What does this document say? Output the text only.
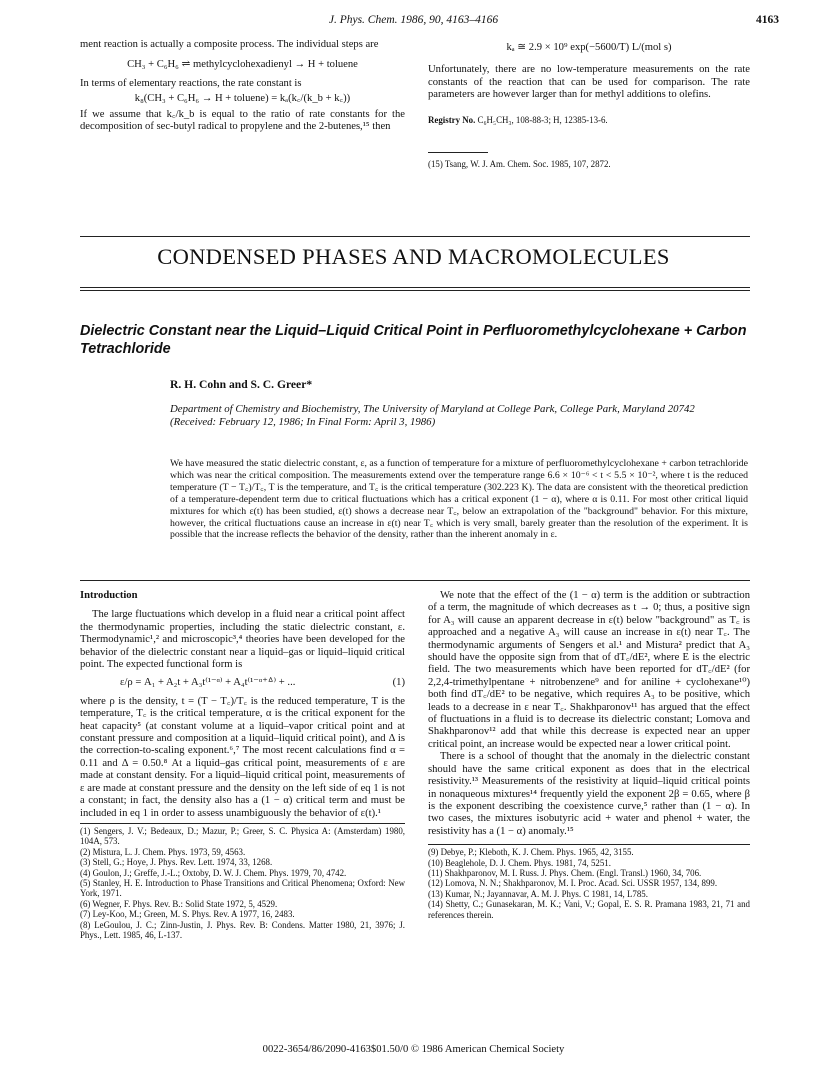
J. Phys. Chem. 1986, 90, 4163–4166	4163

ment reaction is actually a composite process. The individual steps are

CH₃ + C₆H₆ ⇌ methylcyclohexadienyl → H + toluene

In terms of elementary reactions, the rate constant is

k₈(CH₃ + C₆H₆ → H + toluene) = kₐ(k꜀/(k_b + k꜀))

If we assume that k꜀/k_b is equal to the ratio of rate constants for the decomposition of sec-butyl radical to propylene and the 2-butenes,¹⁵ then

kₐ ≅ 2.9 × 10⁹ exp(−5600/T) L/(mol s)

Unfortunately, there are no low-temperature measurements on the rate constants of the reaction that can be used for comparison. The rate parameters are however larger than for methyl additions to olefins.

Registry No. C₆H₅CH₃, 108-88-3; H, 12385-13-6.

(15) Tsang, W. J. Am. Chem. Soc. 1985, 107, 2872.
CONDENSED PHASES AND MACROMOLECULES
Dielectric Constant near the Liquid–Liquid Critical Point in Perfluoromethylcyclohexane + Carbon Tetrachloride
R. H. Cohn and S. C. Greer*
Department of Chemistry and Biochemistry, The University of Maryland at College Park, College Park, Maryland 20742 (Received: February 12, 1986; In Final Form: April 3, 1986)
We have measured the static dielectric constant, ε, as a function of temperature for a mixture of perfluoromethylcyclohexane + carbon tetrachloride which was near the critical composition. The measurements extend over the temperature range 6.6 × 10⁻⁶ < t < 5.5 × 10⁻², where t is the reduced temperature (T − T꜀)/T꜀, T is the temperature, and T꜀ is the critical temperature (302.223 K). The data are consistent with the theoretical prediction of a temperature-dependent term due to critical fluctuations which has a critical exponent (1 − α), where α is 0.11. For most other critical liquid mixtures for which ε(t) has been studied, ε(t) shows a decrease near T꜀, below an extrapolation of the "background" behavior. For this mixture, however, the critical fluctuations cause an increase in ε(t) near T꜀ which is very small, barely greater than the resolution of the experiment. It is possible that the increase reflects the behavior of the density, rather than the inherent anomaly in ε.
Introduction

The large fluctuations which develop in a fluid near a critical point affect the thermodynamic properties, including the static dielectric constant, ε. Thermodynamic¹,² and microscopic³,⁴ theories have been developed for the behavior of the dielectric constant near a liquid–gas or liquid–liquid critical point. The expected functional form is

ε/ρ = A₁ + A₂t + A₃t⁽¹⁻ᵅ⁾ + A₄t⁽¹⁻ᵅ⁺ᐞ⁾ + ...	(1)

where ρ is the density, t = (T − T꜀)/T꜀ is the reduced temperature, T is the temperature, T꜀ is the critical temperature, α is the critical exponent for the heat capacity⁵ (at constant volume at a liquid–vapor critical point and at constant pressure and composition at a liquid–liquid critical point), and Δ is the correction-to-scaling exponent.⁶,⁷ The most recent calculations find α = 0.11 and Δ = 0.50.⁸ At a liquid–gas critical point, measurements of ε are made at constant density. For a liquid–liquid critical point, measurements of ε are made at constant pressure and the density on the left side of eq 1 is not a constant; in fact, the density also has a (1 − α) critical term and must be included in eq 1 in order to assess unambiguously the behavior of ε(t).¹

(1) Sengers, J. V.; Bedeaux, D.; Mazur, P.; Greer, S. C. Physica A: (Amsterdam) 1980, 104A, 573.
(2) Mistura, L. J. Chem. Phys. 1973, 59, 4563.
(3) Stell, G.; Hoye, J. Phys. Rev. Lett. 1974, 33, 1268.
(4) Goulon, J.; Greffe, J.-L.; Oxtoby, D. W. J. Chem. Phys. 1979, 70, 4742.
(5) Stanley, H. E. Introduction to Phase Transitions and Critical Phenomena; Oxford: New York, 1971.
(6) Wegner, F. Phys. Rev. B.: Solid State 1972, 5, 4529.
(7) Ley-Koo, M.; Green, M. S. Phys. Rev. A 1977, 16, 2483.
(8) LeGoulou, J. C.; Zinn-Justin, J. Phys. Rev. B: Condens. Matter 1980, 21, 3976; J. Phys., Lett. 1985, 46, L-137.

We note that the effect of the (1 − α) term is the addition or subtraction of a term, the magnitude of which decreases as t → 0; thus, a positive sign for A₃ will cause an apparent decrease in ε(t) below "background" as T꜀ is approached and a negative A₃ will cause an increase in ε(t) near T꜀. The thermodynamic arguments of Sengers et al.¹ and Mistura² predict that A₃ should have the opposite sign from that of dT꜀/dE², where E is the electric field. The two measurements which have been reported for dT꜀/dE² (for 2,2,4-trimethylpentane + nitrobenzene⁹ and for aniline + cyclohexane¹⁰) both find dT꜀/dE² to be negative, which requires A₃ to be positive, which leads to a decrease in ε near T꜀. Shakhparonov¹¹ has argued that the effect of fluctuations in a fluid is to decrease its dielectric constant; Lomova and Shakhparonov¹² add that while this decrease is expected near an upper critical point, an increase would be expected near a lower critical point.

There is a school of thought that the anomaly in the dielectric constant should have the same critical exponent as does that in the electrical resistivity.¹³ Measurements of the resistivity at liquid–liquid critical points in nonaqueous mixtures¹⁴ frequently yield the exponent 2β = 0.65, where β is the exponent describing the coexistence curve,⁵ rather than (1 − α). In two cases, the mixtures isobutyric acid + water and phenol + water, the resistivity has a (1 − α) anomaly.¹⁵

(9) Debye, P.; Kleboth, K. J. Chem. Phys. 1965, 42, 3155.
(10) Beaglehole, D. J. Chem. Phys. 1981, 74, 5251.
(11) Shakhparonov, M. I. Russ. J. Phys. Chem. (Engl. Transl.) 1960, 34, 706.
(12) Lomova, N. N.; Shakhparonov, M. I. Proc. Acad. Sci. USSR 1957, 134, 899.
(13) Kumar, N.; Jayannavar, A. M. J. Phys. C 1981, 14, L785.
(14) Shetty, C.; Gunasekaran, M. K.; Vani, V.; Gopal, E. S. R. Pramana 1983, 21, 71 and references therein.
0022-3654/86/2090-4163$01.50/0 © 1986 American Chemical Society
